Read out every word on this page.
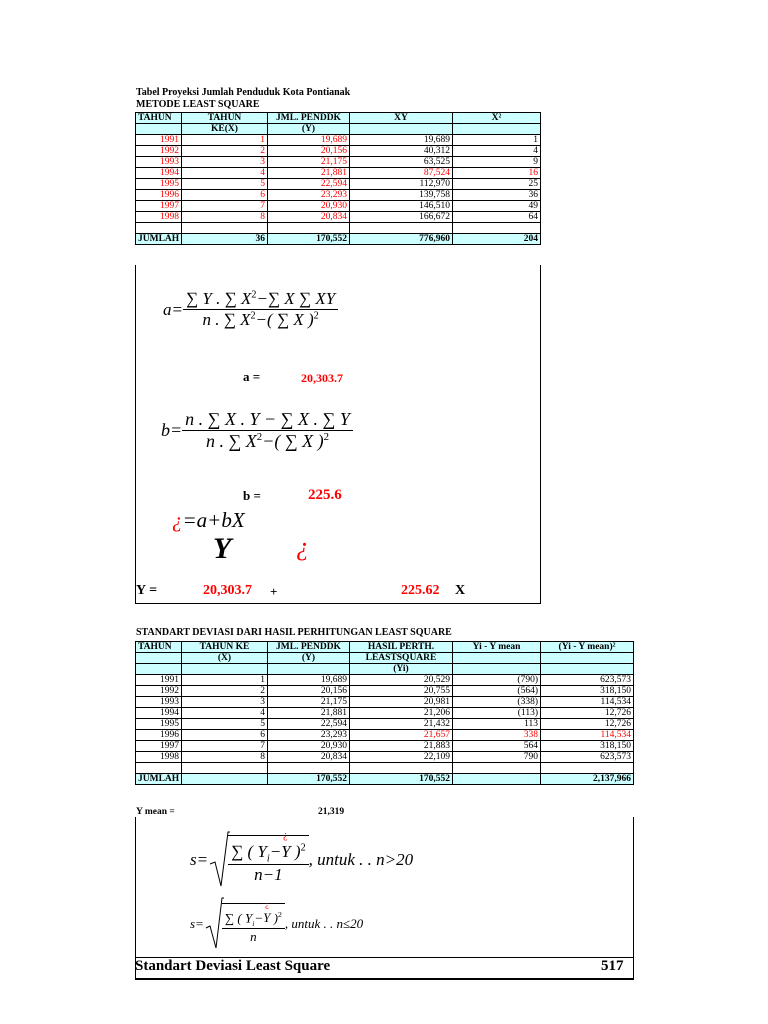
Tabel Proyeksi Jumlah Penduduk Kota Pontianak
METODE LEAST SQUARE
TAHUN	TAHUN	JML. PENDDK	XY	X²
	KE(X)	(Y)		
1991	1	19,689	19,689	1
1992	2	20,156	40,312	4
1993	3	21,175	63,525	9
1994	4	21,881	87,524	16
1995	5	22,594	112,970	25
1996	6	23,293	139,758	36
1997	7	20,930	146,510	49
1998	8	20,834	166,672	64

JUMLAH	36	170,552	776,960	204
$a= \frac{\sum Y . \sum X^2-\sum X \sum XY}{n . \sum X^2-( \sum X )^2}$
a =	20,303.7
$b= \frac{n . \sum X . Y - \sum X . \sum Y}{n . \sum X^2-( \sum X )^2}$
b =	225.6
¿=a+bX
Y ¿
Y =	20,303.7 +	225.62 X
STANDART DEVIASI DARI HASIL PERHITUNGAN LEAST SQUARE
TAHUN	TAHUN KE	JML. PENDDK	HASIL PERTH.	Yi - Y mean	(Yi - Y mean)²
	(X)	(Y)	LEASTSQUARE		
			(Yi)		
1991	1	19,689	20,529	(790)	623,573
1992	2	20,156	20,755	(564)	318,150
1993	3	21,175	20,981	(338)	114,534
1994	4	21,881	21,206	(113)	12,726
1995	5	22,594	21,432	113	12,726
1996	6	23,293	21,657	338	114,534
1997	7	20,930	21,883	564	318,150
1998	8	20,834	22,109	790	623,573

JUMLAH		170,552	170,552		2,137,966
Y mean =	21,319
s= ∑ ( $Y_i-Y$
¿
)$^2$
n−1 , untuk . . n>20
s= ∑ ( $Y_i-Y$
¿
)$^2$
n , untuk . . n≤20
Standart Deviasi Least Square	517
